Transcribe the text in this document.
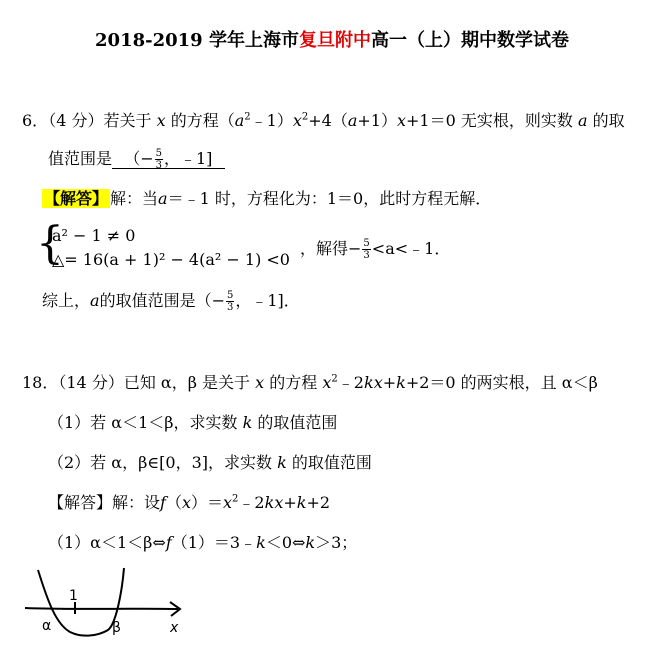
2018-2019 学年上海市复旦附中高一（上）期中数学试卷
6．（4 分）若关于 x 的方程$(a^2﹣1)x^2+4(a+1)x+1=0$ 无实根，则实数 a 的取
值范围是 （− $\frac{5}{3}$ ，﹣1]
【解答】 解：当a＝﹣1 时，方程化为：1＝0，此时方程无解．
{
a² − 1 ≠ 0
△= 16(a + 1)² − 4(a² − 1) <0
，解得− $\frac{5}{3}$ <a<﹣1．
综上，a的取值范围是（− $\frac{5}{3}$ ，﹣1]．
18．（14 分）已知 α，β 是关于 x 的方程 $x^2﹣2kx+k+2=0$ 的两实根，且 α＜β
（1）若 α＜1＜β，求实数 k 的取值范围
（2）若 α，β∈[0，3]，求实数 k 的取值范围
【解答】解：设$f(x)=x^2﹣2kx+k+2$
（1）α＜1＜β⇔f（1）＝3﹣k＜0⇔k＞3；
1
α	β	x
